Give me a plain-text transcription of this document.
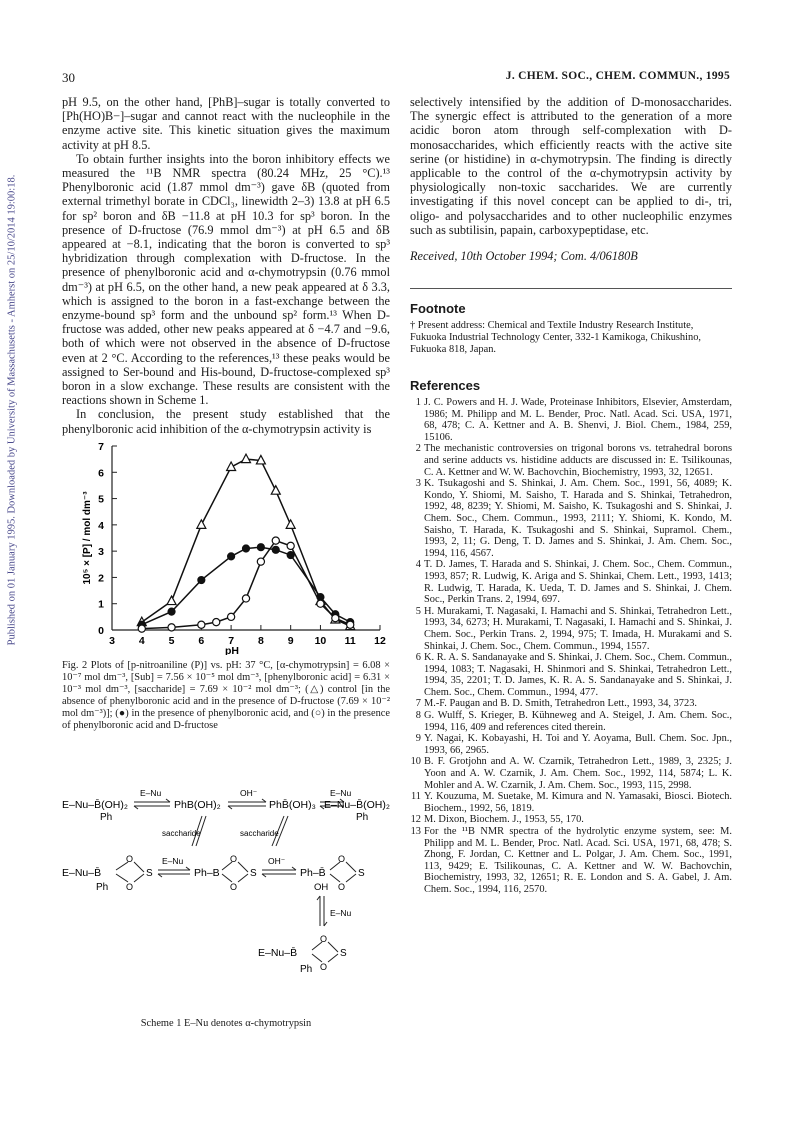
30	J. CHEM. SOC., CHEM. COMMUN., 1995
Published on 01 January 1995. Downloaded by University of Massachusetts - Amherst on 25/10/2014 19:00:18.

pH 9.5, on the other hand, [PhB]–sugar is totally converted to [Ph(HO)B−]–sugar and cannot react with the nucleophile in the enzyme active site. This kinetic situation gives the maximum activity at pH 8.5.

To obtain further insights into the boron inhibitory effects we measured the ¹¹B NMR spectra (80.24 MHz, 25 °C).¹³ Phenylboronic acid (1.87 mmol dm⁻³) gave δB (quoted from external trimethyl borate in CDCl₃, linewidth 2–3) 13.8 at pH 6.5 for sp² boron and δB −11.8 at pH 10.3 for sp³ boron. In the presence of D-fructose (76.9 mmol dm⁻³) at pH 6.5 and δB appeared at −8.1, indicating that the boron is converted to sp³ hybridization through complexation with D-fructose. In the presence of phenylboronic acid and α-chymotrypsin (0.76 mmol dm⁻³) at pH 6.5, on the other hand, a new peak appeared at δ 3.3, which is assigned to the boron in a fast-exchange between the enzyme-bound sp³ form and the unbound sp² form.¹³ When D-fructose was added, other new peaks appeared at δ −4.7 and −9.6, both of which were not observed in the absence of D-fructose even at 2 °C. According to the references,¹³ these peaks would be assigned to Ser-bound and His-bound, D-fructose-complexed sp³ boron in a slow exchange. These results are consistent with the reactions shown in Scheme 1.

In conclusion, the present study established that the phenylboronic acid inhibition of the α-chymotrypsin activity is

3 4 5 6 7 8 9 10 11 12
0
1
2
3
4
5
6
7
pH
10⁵ × [P] / mol dm⁻³
Fig. 2 Plots of [p-nitroaniline (P)] vs. pH: 37 °C, [α-chymotrypsin] = 6.08 × 10⁻⁷ mol dm⁻³, [Sub] = 7.56 × 10⁻⁵ mol dm⁻³, [phenylboronic acid] = 6.31 × 10⁻³ mol dm⁻³, [saccharide] = 7.69 × 10⁻² mol dm⁻³; (△) control [in the absence of phenylboronic acid and in the presence of D-fructose (7.69 × 10⁻² mol dm⁻³)]; (●) in the presence of phenylboronic acid, and (○) in the presence of phenylboronic acid and D-fructose
E–Nu–B̄(OH)₂
Ph
E–Nu
PhB(OH)₂
OH⁻
PhB̄(OH)₃
E–Nu
E–Nu–B̄(OH)₂
Ph
saccharide	saccharide
E–Nu–B̄
O
O
S
Ph
E–Nu
Ph–B
O
O
S
OH⁻
Ph–B̄
O
O
S
OH
E–Nu
E–Nu–B̄
O
O
S
Ph
Scheme 1 E–Nu denotes α-chymotrypsin

selectively intensified by the addition of D-monosaccharides. The synergic effect is attributed to the generation of a more acidic boron atom through self-complexation with D-monosaccharides, which efficiently reacts with the active site serine (or histidine) in α-chymotrypsin. The finding is directly applicable to the control of the α-chymotrypsin activity by physiologically non-toxic saccharides. We are currently investigating if this novel concept can be applied to di-, tri, oligo- and polysaccharides and to other nucleophilic enzymes such as subtilisin, papain, carboxypeptidase, etc.

Received, 10th October 1994; Com. 4/06180B
Footnote
† Present address: Chemical and Textile Industry Research Institute, Fukuoka Industrial Technology Center, 332-1 Kamikoga, Chikushino, Fukuoka 818, Japan.
References
1 J. C. Powers and H. J. Wade, Proteinase Inhibitors, Elsevier, Amsterdam, 1986; M. Philipp and M. L. Bender, Proc. Natl. Acad. Sci. USA, 1971, 68, 478; C. A. Kettner and A. B. Shenvi, J. Biol. Chem., 1984, 259, 15106.
2 The mechanistic controversies on trigonal borons vs. tetrahedral borons and serine adducts vs. histidine adducts are discussed in: E. Tsilikounas, C. A. Kettner and W. W. Bachovchin, Biochemistry, 1993, 32, 12651.
3 K. Tsukagoshi and S. Shinkai, J. Am. Chem. Soc., 1991, 56, 4089; K. Kondo, Y. Shiomi, M. Saisho, T. Harada and S. Shinkai, Tetrahedron, 1992, 48, 8239; Y. Shiomi, M. Saisho, K. Tsukagoshi and S. Shinkai, J. Chem. Soc., Chem. Commun., 1993, 2111; Y. Shiomi, K. Kondo, M. Saisho, T. Harada, K. Tsukagoshi and S. Shinkai, Supramol. Chem., 1993, 2, 11; G. Deng, T. D. James and S. Shinkai, J. Am. Chem. Soc., 1994, 116, 4567.
4 T. D. James, T. Harada and S. Shinkai, J. Chem. Soc., Chem. Commun., 1993, 857; R. Ludwig, K. Ariga and S. Shinkai, Chem. Lett., 1993, 1413; R. Ludwig, T. Harada, K. Ueda, T. D. James and S. Shinkai, J. Chem. Soc., Perkin Trans. 2, 1994, 697.
5 H. Murakami, T. Nagasaki, I. Hamachi and S. Shinkai, Tetrahedron Lett., 1993, 34, 6273; H. Murakami, T. Nagasaki, I. Hamachi and S. Shinkai, J. Chem. Soc., Perkin Trans. 2, 1994, 975; T. Imada, H. Murakami and S. Shinkai, J. Chem. Soc., Chem. Commun., 1994, 1557.
6 K. R. A. S. Sandanayake and S. Shinkai, J. Chem. Soc., Chem. Commun., 1994, 1083; T. Nagasaki, H. Shinmori and S. Shinkai, Tetrahedron Lett., 1994, 35, 2201; T. D. James, K. R. A. S. Sandanayake and S. Shinkai, J. Chem. Soc., Chem. Commun., 1994, 477.
7 M.-F. Paugan and B. D. Smith, Tetrahedron Lett., 1993, 34, 3723.
8 G. Wulff, S. Krieger, B. Kühneweg and A. Steigel, J. Am. Chem. Soc., 1994, 116, 409 and references cited therein.
9 Y. Nagai, K. Kobayashi, H. Toi and Y. Aoyama, Bull. Chem. Soc. Jpn., 1993, 66, 2965.
10 B. F. Grotjohn and A. W. Czarnik, Tetrahedron Lett., 1989, 3, 2325; J. Yoon and A. W. Czarnik, J. Am. Chem. Soc., 1992, 114, 5874; L. K. Mohler and A. W. Czarnik, J. Am. Chem. Soc., 1993, 115, 2998.
11 Y. Kouzuma, M. Suetake, M. Kimura and N. Yamasaki, Biosci. Biotech. Biochem., 1992, 56, 1819.
12 M. Dixon, Biochem. J., 1953, 55, 170.
13 For the ¹¹B NMR spectra of the hydrolytic enzyme system, see: M. Philipp and M. L. Bender, Proc. Natl. Acad. Sci. USA, 1971, 68, 478; S. Zhong, F. Jordan, C. Kettner and L. Polgar, J. Am. Chem. Soc., 1991, 113, 9429; E. Tsilikounas, C. A. Kettner and W. W. Bachovchin, Biochemistry, 1993, 32, 12651; R. E. London and S. A. Gabel, J. Am. Chem. Soc., 1994, 116, 2570.
